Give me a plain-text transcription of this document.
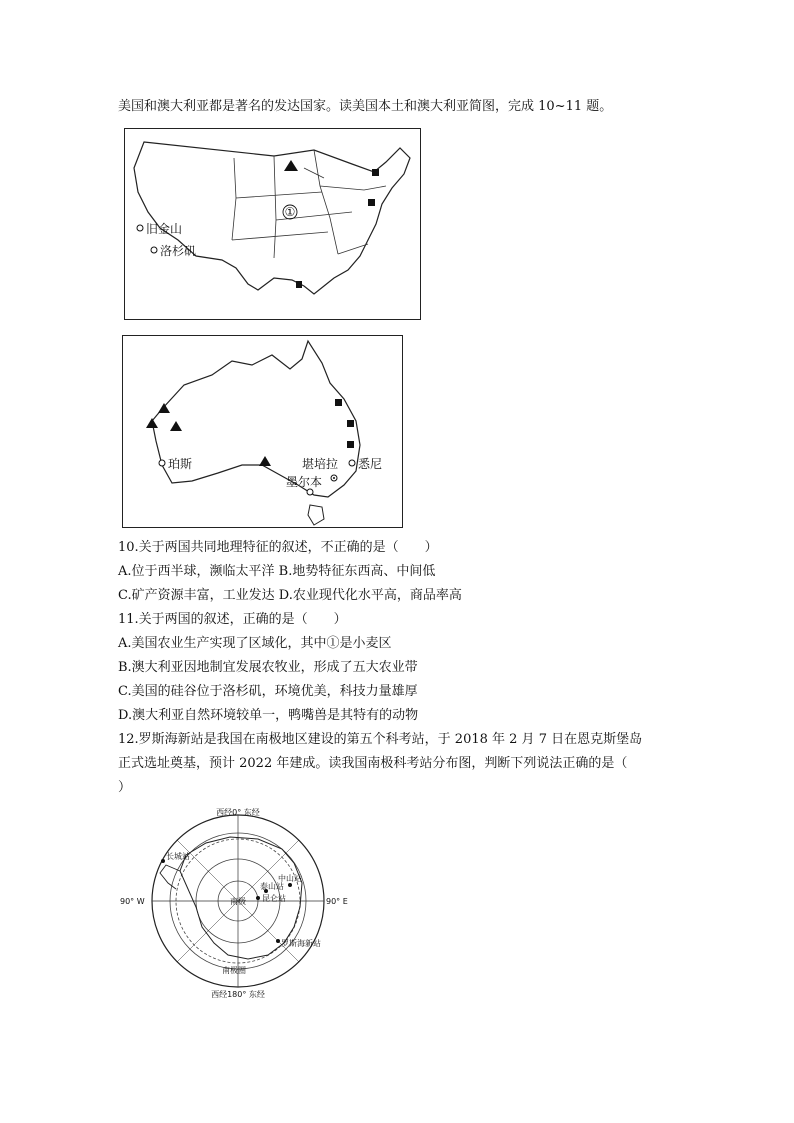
美国和澳大利亚都是著名的发达国家。读美国本土和澳大利亚简图，完成 10~11 题。
①
旧金山
洛杉矶
珀斯	堪培拉 悉尼
墨尔本
10.关于两国共同地理特征的叙述，不正确的是（　　）
A.位于西半球，濒临太平洋 B.地势特征东西高、中间低
C.矿产资源丰富，工业发达 D.农业现代化水平高，商品率高
11.关于两国的叙述，正确的是（　　）
A.美国农业生产实现了区域化，其中①是小麦区
B.澳大利亚因地制宜发展农牧业，形成了五大农业带
C.美国的硅谷位于洛杉矶，环境优美，科技力量雄厚
D.澳大利亚自然环境较单一，鸭嘴兽是其特有的动物
12.罗斯海新站是我国在南极地区建设的第五个科考站，于 2018 年 2 月 7 日在恩克斯堡岛
正式选址奠基，预计 2022 年建成。读我国南极科考站分布图，判断下列说法正确的是（
）
西经0° 东经
长城站
中山站
泰山站
昆仑站
南极
罗斯海新站
南极圈
90° W	90° E
西经180° 东经
